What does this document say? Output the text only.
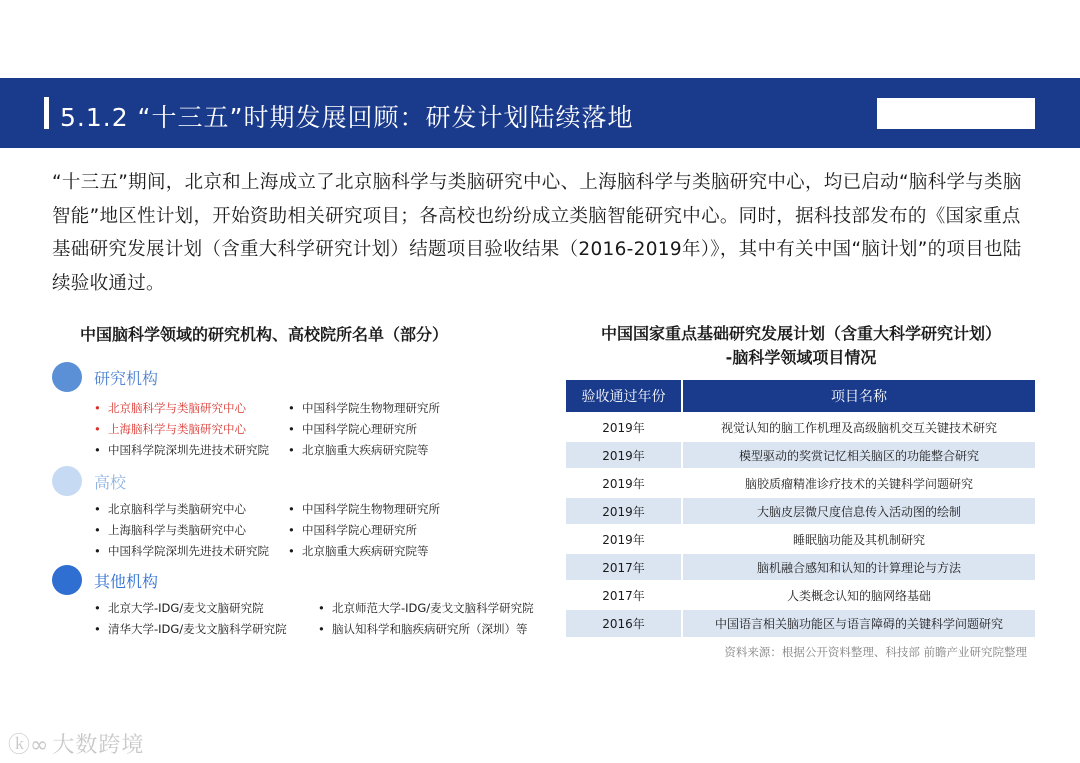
5.1.2 “十三五”时期发展回顾：研发计划陆续落地

“十三五”期间，北京和上海成立了北京脑科学与类脑研究中心、上海脑科学与类脑研究中心，均已启动“脑科学与类脑智能”地区性计划，开始资助相关研究项目；各高校也纷纷成立类脑智能研究中心。同时，据科技部发布的《国家重点基础研究发展计划（含重大科学研究计划）结题项目验收结果（2016-2019年）》，其中有关中国“脑计划”的项目也陆续验收通过。

中国脑科学领域的研究机构、高校院所名单（部分）
研究机构
• 北京脑科学与类脑研究中心	• 中国科学院生物物理研究所
• 上海脑科学与类脑研究中心	• 中国科学院心理研究所
• 中国科学院深圳先进技术研究院 • 北京脑重大疾病研究院等
高校
• 北京脑科学与类脑研究中心	• 中国科学院生物物理研究所
• 上海脑科学与类脑研究中心	• 中国科学院心理研究所
• 中国科学院深圳先进技术研究院 • 北京脑重大疾病研究院等
其他机构
• 北京大学-IDG/麦戈文脑研究院	• 北京师范大学-IDG/麦戈文脑科学研究院
• 清华大学-IDG/麦戈文脑科学研究院	• 脑认知科学和脑疾病研究所（深圳）等
中国国家重点基础研究发展计划（含重大科学研究计划）
-脑科学领域项目情况
验收通过年份	项目名称
2019年	视觉认知的脑工作机理及高级脑机交互关键技术研究
2019年	模型驱动的奖赏记忆相关脑区的功能整合研究
2019年	脑胶质瘤精准诊疗技术的关键科学问题研究
2019年	大脑皮层微尺度信息传入活动图的绘制
2019年	睡眠脑功能及其机制研究
2017年	脑机融合感知和认知的计算理论与方法
2017年	人类概念认知的脑网络基础
2016年	中国语言相关脑功能区与语言障碍的关键科学问题研究
资料来源：根据公开资料整理、科技部 前瞻产业研究院整理
ⓚ∞ 大数跨境
